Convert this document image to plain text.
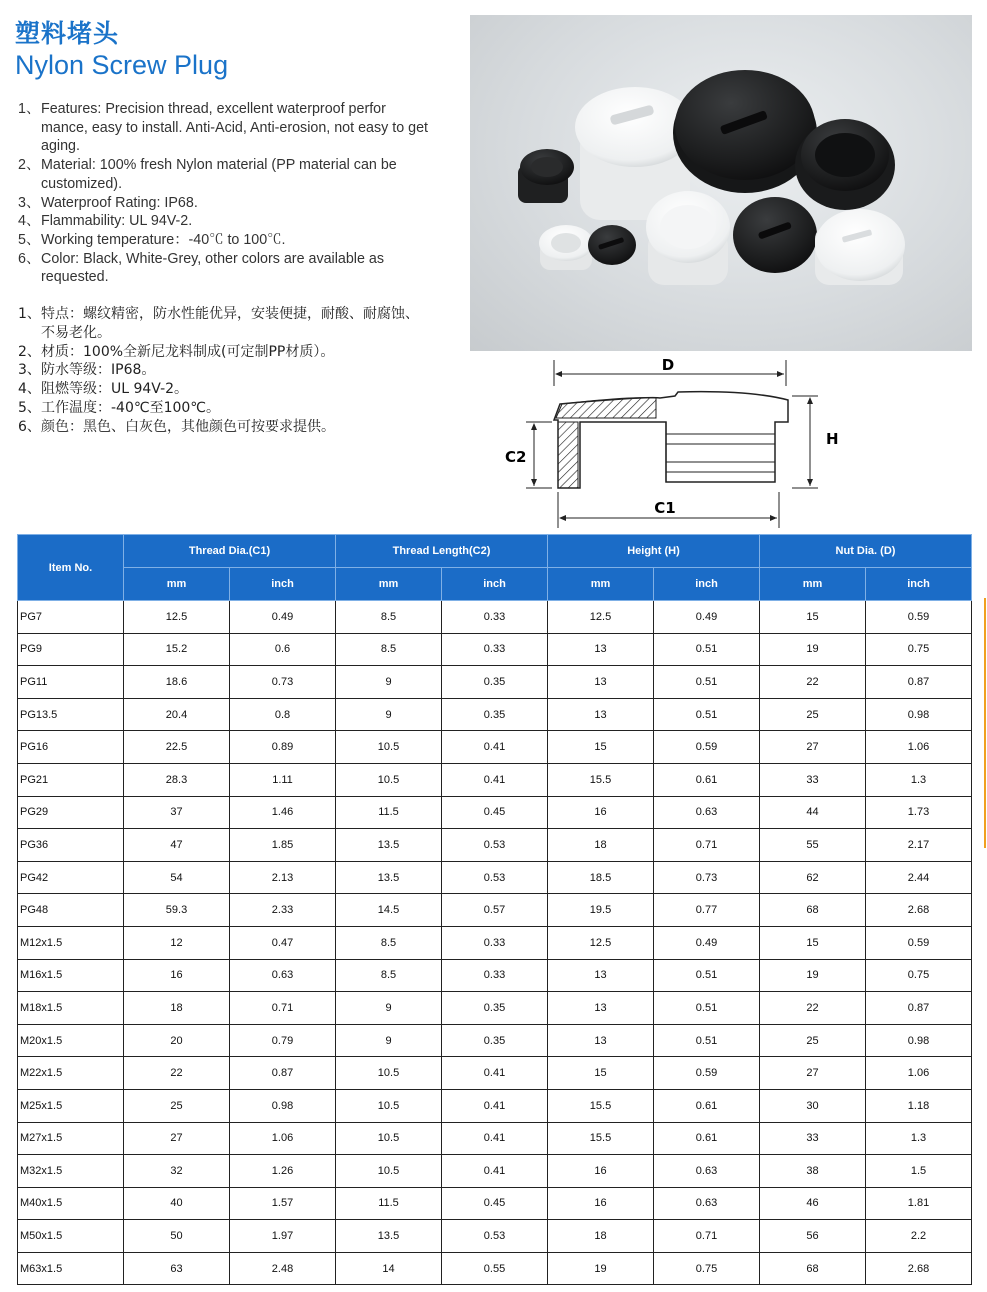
塑料堵头
Nylon Screw Plug
1、 Features: Precision thread, excellent waterproof perfor mance, easy to install. Anti-Acid, Anti-erosion, not easy to get aging.
2、 Material: 100% fresh Nylon material (PP material can be customized).
3、 Waterproof Rating: IP68.
4、 Flammability: UL 94V-2.
5、 Working temperature：-40℃ to 100℃.
6、 Color: Black, White-Grey, other colors are available as requested.
1、 特点：螺纹精密，防水性能优异，安装便捷，耐酸、耐腐蚀、不易老化。
2、 材质：100%全新尼龙料制成(可定制PP材质）。
3、 防水等级：IP68。
4、 阻燃等级：UL 94V-2。
5、 工作温度：-40℃至100℃。
6、 颜色：黑色、白灰色，其他颜色可按要求提供。
D
H
C2
C1
Item No.	Thread Dia.(C1)		Thread Length(C2)		Height (H)		Nut Dia. (D)	
	mm	inch	mm	inch	mm	inch	mm	inch
PG7	12.5	0.49	8.5	0.33	12.5	0.49	15	0.59
PG9	15.2	0.6	8.5	0.33	13	0.51	19	0.75
PG11	18.6	0.73	9	0.35	13	0.51	22	0.87
PG13.5	20.4	0.8	9	0.35	13	0.51	25	0.98
PG16	22.5	0.89	10.5	0.41	15	0.59	27	1.06
PG21	28.3	1.11	10.5	0.41	15.5	0.61	33	1.3
PG29	37	1.46	11.5	0.45	16	0.63	44	1.73
PG36	47	1.85	13.5	0.53	18	0.71	55	2.17
PG42	54	2.13	13.5	0.53	18.5	0.73	62	2.44
PG48	59.3	2.33	14.5	0.57	19.5	0.77	68	2.68
M12x1.5	12	0.47	8.5	0.33	12.5	0.49	15	0.59
M16x1.5	16	0.63	8.5	0.33	13	0.51	19	0.75
M18x1.5	18	0.71	9	0.35	13	0.51	22	0.87
M20x1.5	20	0.79	9	0.35	13	0.51	25	0.98
M22x1.5	22	0.87	10.5	0.41	15	0.59	27	1.06
M25x1.5	25	0.98	10.5	0.41	15.5	0.61	30	1.18
M27x1.5	27	1.06	10.5	0.41	15.5	0.61	33	1.3
M32x1.5	32	1.26	10.5	0.41	16	0.63	38	1.5
M40x1.5	40	1.57	11.5	0.45	16	0.63	46	1.81
M50x1.5	50	1.97	13.5	0.53	18	0.71	56	2.2
M63x1.5	63	2.48	14	0.55	19	0.75	68	2.68
